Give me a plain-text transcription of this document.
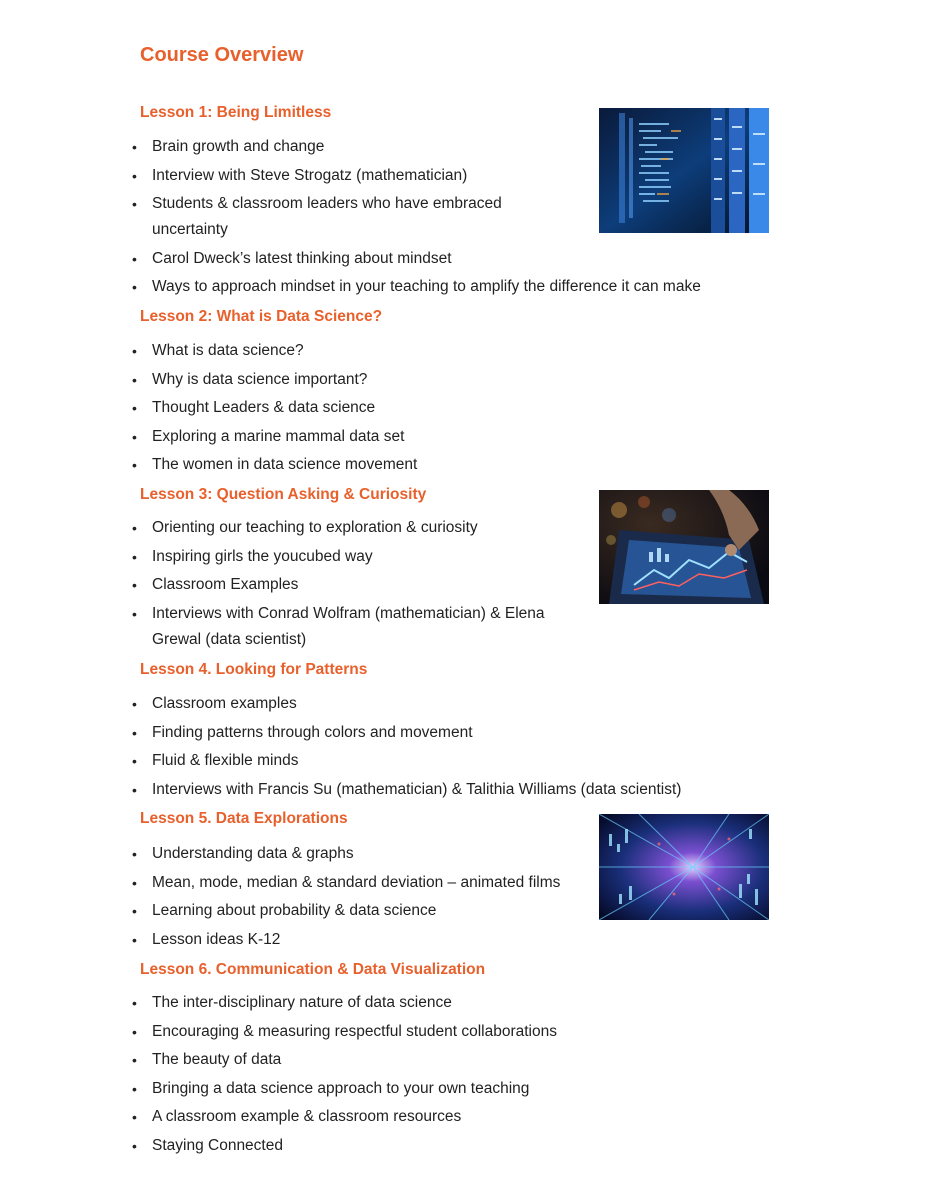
Course Overview
Lesson 1: Being Limitless
• Brain growth and change
• Interview with Steve Strogatz (mathematician)
• Students & classroom leaders who have embraced uncertainty
• Carol Dweck’s latest thinking about mindset
• Ways to approach mindset in your teaching to amplify the difference it can make
Lesson 2: What is Data Science?
• What is data science?
• Why is data science important?
• Thought Leaders & data science
• Exploring a marine mammal data set
• The women in data science movement
Lesson 3: Question Asking & Curiosity
• Orienting our teaching to exploration & curiosity
• Inspiring girls the youcubed way
• Classroom Examples
• Interviews with Conrad Wolfram (mathematician) & Elena Grewal (data scientist)
Lesson 4. Looking for Patterns
• Classroom examples
• Finding patterns through colors and movement
• Fluid & flexible minds
• Interviews with Francis Su (mathematician) & Talithia Williams (data scientist)
Lesson 5. Data Explorations
• Understanding data & graphs
• Mean, mode, median & standard deviation – animated films
• Learning about probability & data science
• Lesson ideas K-12
Lesson 6. Communication & Data Visualization
• The inter-disciplinary nature of data science
• Encouraging & measuring respectful student collaborations
• The beauty of data
• Bringing a data science approach to your own teaching
• A classroom example & classroom resources
• Staying Connected
